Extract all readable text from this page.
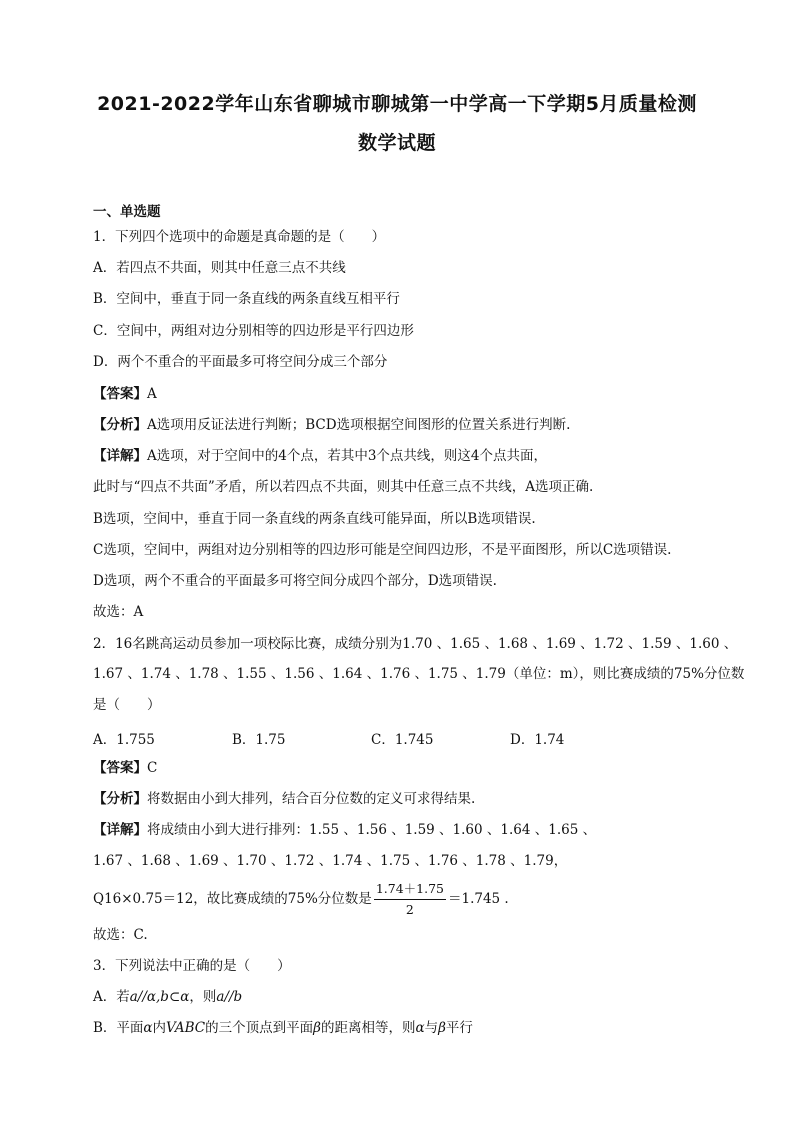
2021-2022学年山东省聊城市聊城第一中学高一下学期5月质量检测
数学试题
一、单选题
1．下列四个选项中的命题是真命题的是（　　）
A．若四点不共面，则其中任意三点不共线
B．空间中，垂直于同一条直线的两条直线互相平行
C．空间中，两组对边分别相等的四边形是平行四边形
D．两个不重合的平面最多可将空间分成三个部分
【答案】A
【分析】A选项用反证法进行判断；BCD选项根据空间图形的位置关系进行判断.
【详解】A选项，对于空间中的4个点，若其中3个点共线，则这4个点共面，
此时与“四点不共面”矛盾，所以若四点不共面，则其中任意三点不共线，A选项正确.
B选项，空间中，垂直于同一条直线的两条直线可能异面，所以B选项错误.
C选项，空间中，两组对边分别相等的四边形可能是空间四边形，不是平面图形，所以C选项错误.
D选项，两个不重合的平面最多可将空间分成四个部分，D选项错误.
故选：A
2．16名跳高运动员参加一项校际比赛，成绩分别为1.70 、1.65 、1.68 、1.69 、1.72 、1.59 、1.60 、
1.67 、1.74 、1.78 、1.55 、1.56 、1.64 、1.76 、1.75 、1.79（单位：m），则比赛成绩的75%分位数
是（　　）
A．1.755	B．1.75	C．1.745	D．1.74
【答案】C
【分析】将数据由小到大排列，结合百分位数的定义可求得结果.
【详解】将成绩由小到大进行排列：1.55 、1.56 、1.59 、1.60 、1.64 、1.65 、
1.67 、1.68 、1.69 、1.70 、1.72 、1.74 、1.75 、1.76 、1.78 、1.79，
Q16×0.75＝12，故比赛成绩的75%分位数是 $\frac{1.74+1.75}{2} =1.745$ .
故选：C.
3．下列说法中正确的是（　　）
A．若a//α,b⊂α，则a//b
B．平面α内VABC的三个顶点到平面β的距离相等，则α与β平行
